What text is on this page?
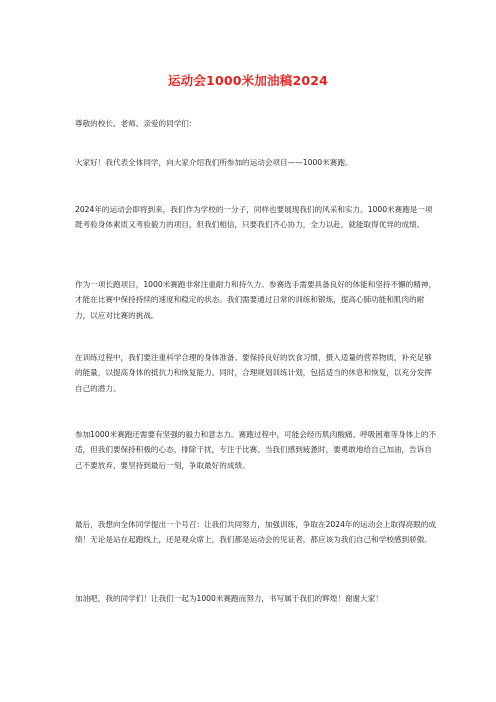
运动会1000米加油稿2024

尊敬的校长、老师、亲爱的同学们：

大家好！我代表全体同学，向大家介绍我们所参加的运动会项目——1000米赛跑。

2024年的运动会即将到来，我们作为学校的一分子，同样也要展现我们的风采和实力。1000米赛跑是一项既考验身体素质又考验毅力的项目，但我们相信，只要我们齐心协力，全力以赴，就能取得优异的成绩。

作为一项长跑项目，1000米赛跑非常注重耐力和持久力。参赛选手需要具备良好的体能和坚持不懈的精神，才能在比赛中保持持续的速度和稳定的状态。我们需要通过日常的训练和锻炼，提高心肺功能和肌肉的耐力，以应对比赛的挑战。

在训练过程中，我们要注重科学合理的身体准备。要保持良好的饮食习惯，摄入适量的营养物质，补充足够的能量，以提高身体的抵抗力和恢复能力。同时，合理规划训练计划，包括适当的休息和恢复，以充分发挥自己的潜力。

参加1000米赛跑还需要有坚强的毅力和意志力。赛跑过程中，可能会经历肌肉酸痛、呼吸困难等身体上的不适，但我们要保持积极的心态，排除干扰，专注于比赛。当我们感到疲惫时，要勇敢地给自己加油，告诉自己不要放弃，要坚持到最后一刻，争取最好的成绩。

最后，我想向全体同学提出一个号召：让我们共同努力，加强训练，争取在2024年的运动会上取得亮眼的成绩！无论是站在起跑线上，还是观众席上，我们都是运动会的见证者，都应该为我们自己和学校感到骄傲。

加油吧，我的同学们！让我们一起为1000米赛跑而努力，书写属于我们的辉煌！谢谢大家！
